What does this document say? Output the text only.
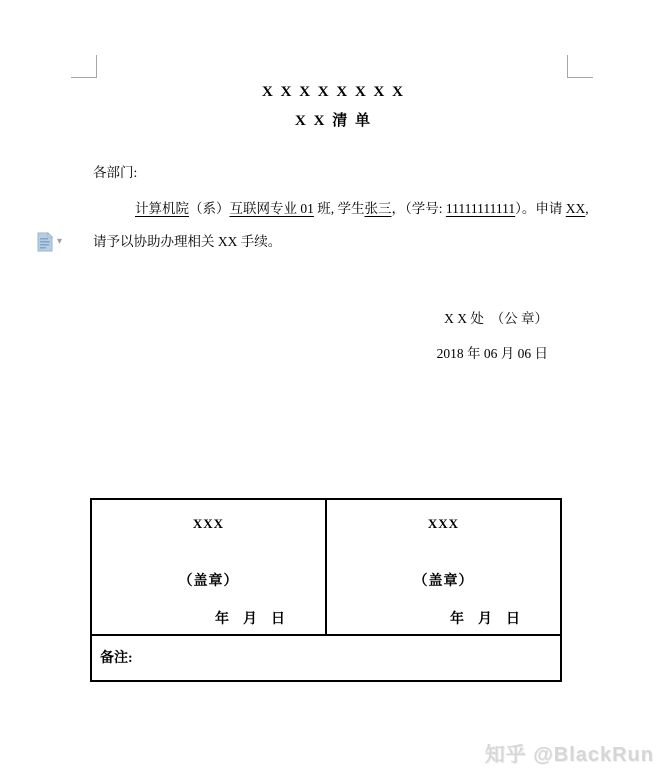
X X X X X X X X
X X 清 单
各部门:
计算机院（系）互联网专业 01 班, 学生张三，（学号: 11111111111）。申请 XX,
请予以协助办理相关 XX 手续。
X X 处  （公 章）
2018 年 06 月 06 日
XXX
（盖章）
年　月　日
XXX
（盖章）
年　月　日
备注:
▾
知乎 @BlackRun
